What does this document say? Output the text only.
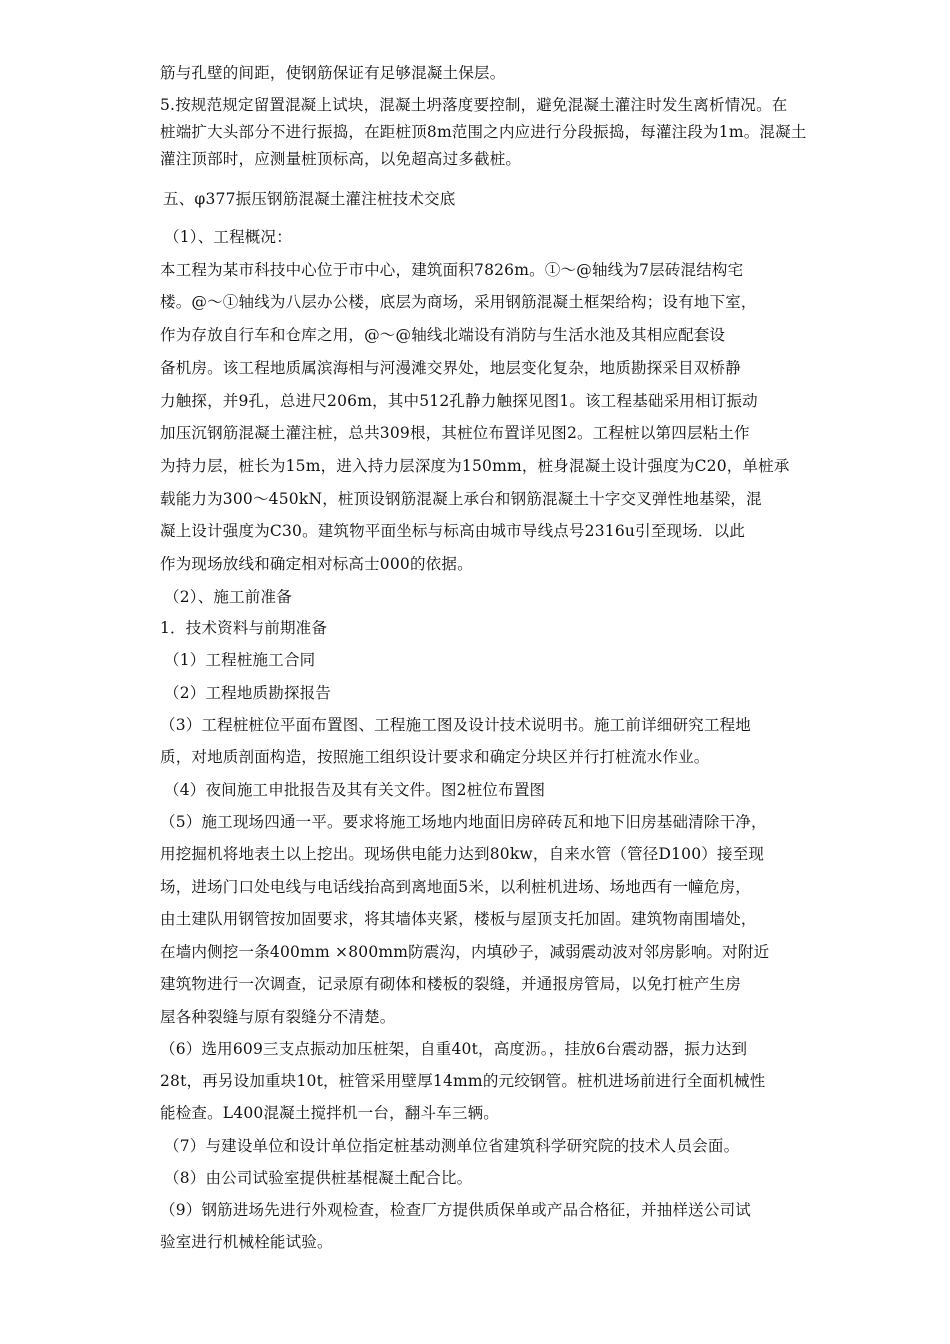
筋与孔壁的间距，使钢筋保证有足够混凝土保层。
5.按规范规定留置混凝上试块，混凝土坍落度要控制，避免混凝土灌注时发生离析情况。在
桩端扩大头部分不进行振捣，在距桩顶8m范围之内应进行分段振捣，每灌注段为1m。混凝土
灌注顶部时，应测量桩顶标高，以免超高过多截桩。
五、φ377振压钢筋混凝土灌注桩技术交底
（1）、工程概况：
本工程为某市科技中心位于市中心，建筑面积7826m。①～@轴线为7层砖混结构宅
楼。@～①轴线为八层办公楼，底层为商场，采用钢筋混凝土框架给构；设有地下室，
作为存放自行车和仓库之用，@～@轴线北端设有消防与生活水池及其相应配套设
备机房。该工程地质属滨海相与河漫滩交界处，地层变化复杂，地质勘探采目双桥静
力触探，并9孔，总进尺206m，其中512孔静力触探见图1。该工程基础采用相订振动
加压沉钢筋混凝土灌注桩，总共309根，其桩位布置详见图2。工程桩以第四层粘土作
为持力层，桩长为15m，进入持力层深度为150mm，桩身混凝土设计强度为C20，单桩承
载能力为300～450kN，桩顶设钢筋混凝上承台和钢筋混凝土十字交叉弹性地基梁，混
凝上设计强度为C30。建筑物平面坐标与标高由城市导线点号2316u引至现场．以此
作为现场放线和确定相对标高士000的依据。
（2）、施工前准备
1．技术资料与前期准备
（1）工程桩施工合同
（2）工程地质勘探报告
（3）工程桩桩位平面布置图、工程施工图及设计技术说明书。施工前详细研究工程地
质，对地质剖面构造，按照施工组织设计要求和确定分块区并行打桩流水作业。
（4）夜间施工申批报告及其有关文件。图2桩位布置图
（5）施工现场四通一平。要求将施工场地内地面旧房碎砖瓦和地下旧房基础清除干净，
用挖掘机将地表土以上挖出。现场供电能力达到80kw，自来水管（管径D100）接至现
场，进场门口处电线与电话线抬高到离地面5米，以利桩机进场、场地西有一幢危房，
由土建队用钢管按加固要求，将其墙体夹紧，楼板与屋顶支托加固。建筑物南围墙处，
在墙内侧挖一条400mm ×800mm防震沟，内填砂子，减弱震动波对邻房影响。对附近
建筑物进行一次调查，记录原有砌体和楼板的裂缝，并通报房管局，以免打桩产生房
屋各种裂缝与原有裂缝分不清楚。
（6）选用609三支点振动加压桩架，自重40t，高度沥。，挂放6台震动器，振力达到
28t，再另设加重块10t，桩管采用壁厚14mm的元绞钢管。桩机进场前进行全面机械性
能检查。L400混凝土搅拌机一台，翻斗车三辆。
（7）与建设单位和设计单位指定桩基动测单位省建筑科学研究院的技术人员会面。
（8）由公司试验室提供桩基棍凝土配合比。
（9）钢筋进场先进行外观检查，检查厂方提供质保单或产品合格征，并抽样送公司试
验室进行机械栓能试验。
